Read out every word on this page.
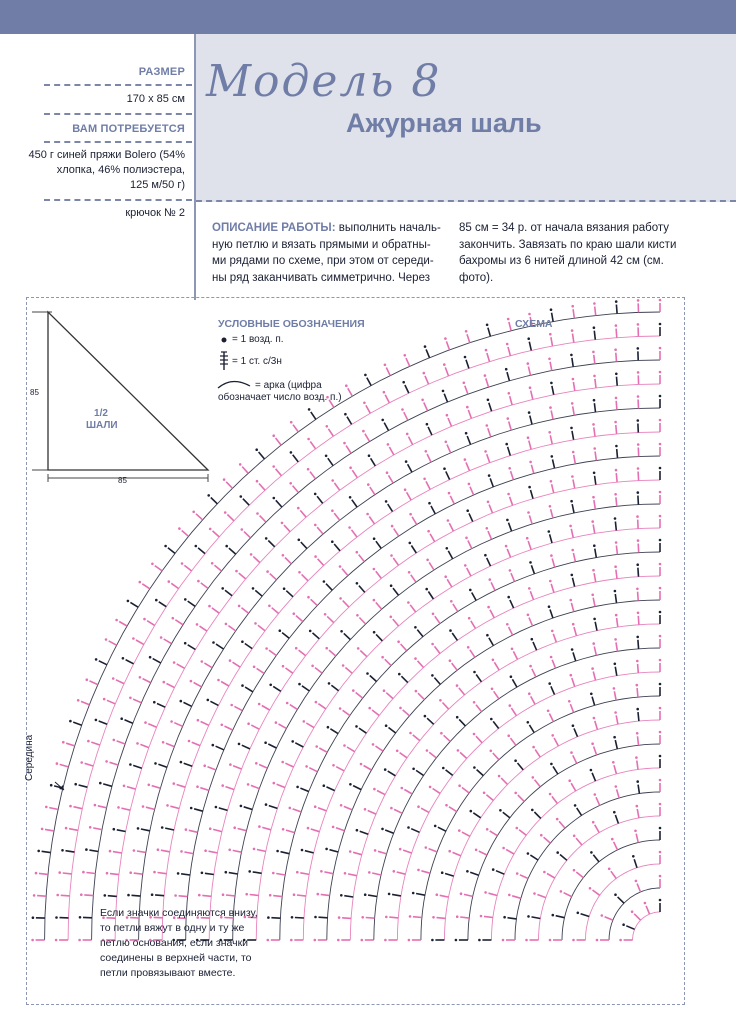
РАЗМЕР
170 х 85 см
ВАМ ПОТРЕБУЕТСЯ
450 г синей пряжи Bolero (54%
хлопка, 46% полиэстера,
125 м/50 г)
крючок № 2
Модель 8
Ажурная шаль
ОПИСАНИЕ РАБОТЫ: выполнить началь-
ную петлю и вязать прямыми и обратны-
ми рядами по схеме, при этом от середи-
ны ряд заканчивать симметрично. Через
85 см = 34 р. от начала вязания работу
закончить. Завязать по краю шали кисти
бахромы из 6 нитей длиной 42 см (см.
фото).
85
85
1/2
ШАЛИ
УСЛОВНЫЕ ОБОЗНАЧЕНИЯ
= 1 возд. п.
= 1 ст. с/3н
= арка (цифра
обозначает число возд. п.)
СХЕМА
Середина
Если значки соединяются внизу,
то петли вяжут в одну и ту же
петлю основания, если значки
соединены в верхней части, то
петли провязывают вместе.
